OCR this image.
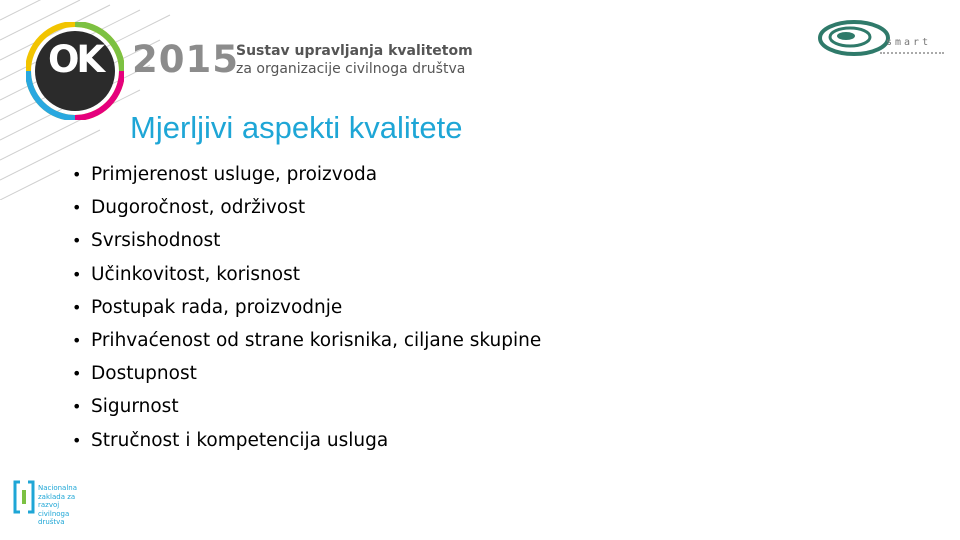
OK 2015
Sustav upravljanja kvalitetom
za organizacije civilnoga društva
smart
Mjerljivi aspekti kvalitete
• Primjerenost usluge, proizvoda
• Dugoročnost, održivost
• Svrsishodnost
• Učinkovitost, korisnost
• Postupak rada, proizvodnje
• Prihvaćenost od strane korisnika, ciljane skupine
• Dostupnost
• Sigurnost
• Stručnost i kompetencija usluga
Nacionalna
zaklada za
razvoj
civilnoga
društva
